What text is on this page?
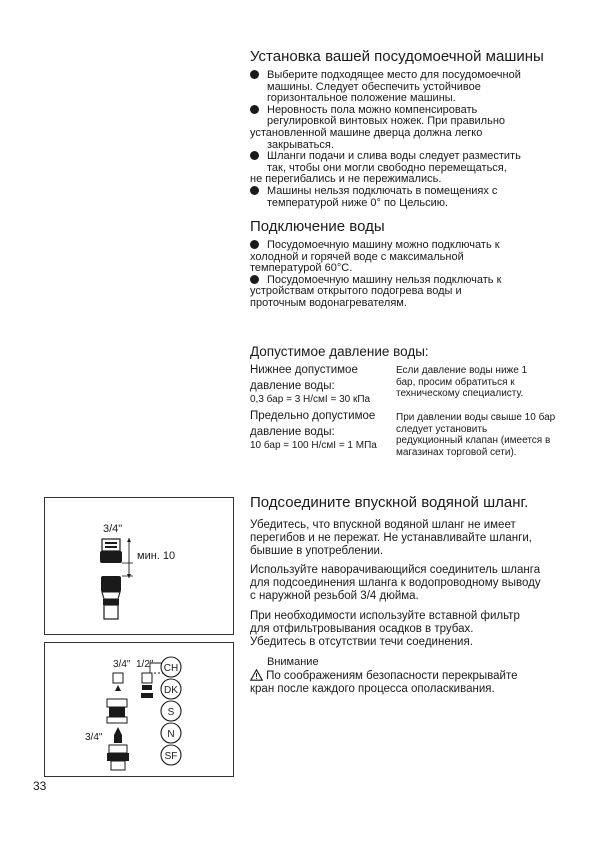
Установка вашей посудомоечной машины

Выберите подходящее место для посудомоечной

машины. Следует обеспечить устойчивое

горизонтальное положение машины.

Неровность пола можно компенсировать

регулировкой винтовых ножек. При правильно

установленной машине дверца должна легко

закрываться.

Шланги подачи и слива воды следует разместить

так, чтобы они могли свободно перемещаться,

не перегибались и не пережимались.

Машины нельзя подключать в помещениях с

температурой ниже 0° по Цельсию.

Подключение воды

Посудомоечную машину можно подключать к

холодной и горячей воде с максимальной

температурой 60°C.

Посудомоечную машину нельзя подключать к

устройствам открытого подогрева воды и

проточным водонагревателям.

Допустимое давление воды:
Нижнее допустимое
давление воды:
0,3 бар = 3 Н/смI = 30 кПа
Если давление воды ниже 1
бар, просим обратиться к
техническому специалисту.
Предельно допустимое
давление воды:
10 бар = 100 Н/смI = 1 МПа
При давлении воды свыше 10 бар
следует установить
редукционный клапан (имеется в
магазинах торговой сети).
Подсоедините впускной водяной шланг.
Убедитесь, что впускной водяной шланг не имеет
перегибов и не пережат. Не устанавливайте шланги,
бывшие в употреблении.
Используйте наворачивающийся соединитель шланга
для подсоединения шланга к водопроводному выводу
с наружной резьбой 3/4 дюйма.
При необходимости используйте вставной фильтр
для отфильтровывания осадков в трубах.
Убедитесь в отсутствии течи соединения.
Внимание
По соображениям безопасности перекрывайте
кран после каждого процесса ополаскивания.
3/4"
мин. 10
3/4" 1/2"
3/4"
CH
DK
S
N
SF
33
